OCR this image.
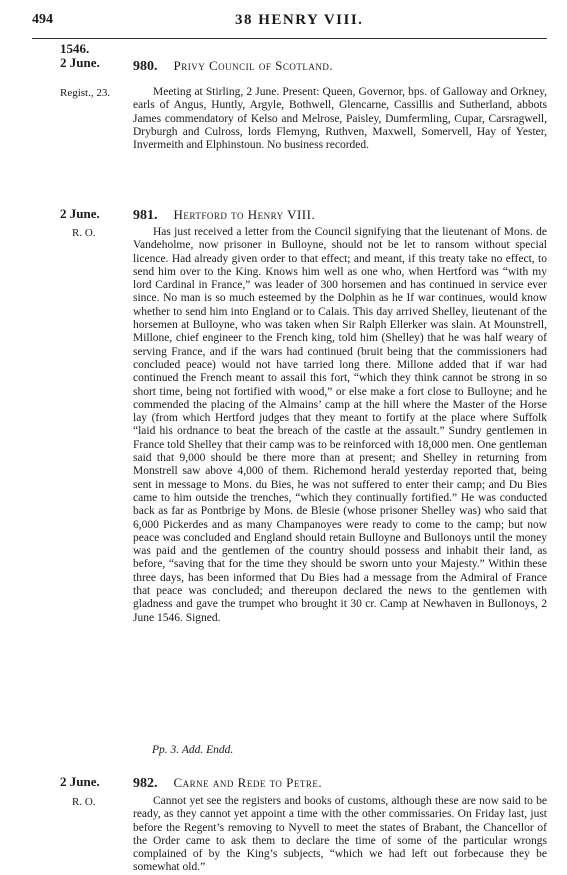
494	38 HENRY VIII.
1546.
2 June.
Regist., 23.
980. Privy Council of Scotland.

Meeting at Stirling, 2 June. Present: Queen, Governor, bps. of Galloway and Orkney, earls of Angus, Huntly, Argyle, Bothwell, Glencarne, Cassillis and Sutherland, abbots James commendatory of Kelso and Melrose, Paisley, Dumfermling, Cupar, Carsragwell, Dryburgh and Culross, lords Flemyng, Ruthven, Maxwell, Somervell, Hay of Yester, Invermeith and Elphinstoun. No business recorded.

2 June.
R. O.
981. Hertford to Henry VIII.

Has just received a letter from the Council signifying that the lieutenant of Mons. de Vandeholme, now prisoner in Bulloyne, should not be let to ransom without special licence. Had already given order to that effect; and meant, if this treaty take no effect, to send him over to the King. Knows him well as one who, when Hertford was “with my lord Cardinal in France,” was leader of 300 horsemen and has continued in service ever since. No man is so much esteemed by the Dolphin as he If war continues, would know whether to send him into England or to Calais. This day arrived Shelley, lieutenant of the horsemen at Bulloyne, who was taken when Sir Ralph Ellerker was slain. At Mounstrell, Millone, chief engineer to the French king, told him (Shelley) that he was half weary of serving France, and if the wars had continued (bruit being that the commissioners had concluded peace) would not have tarried long there. Millone added that if war had continued the French meant to assail this fort, “which they think cannot be strong in so short time, being not fortified with wood,” or else make a fort close to Bulloyne; and he commended the placing of the Almains’ camp at the hill where the Master of the Horse lay (from which Hertford judges that they meant to fortify at the place where Suffolk “laid his ordnance to beat the breach of the castle at the assault.” Sundry gentlemen in France told Shelley that their camp was to be reinforced with 18,000 men. One gentleman said that 9,000 should be there more than at present; and Shelley in returning from Monstrell saw above 4,000 of them. Richemond herald yesterday reported that, being sent in message to Mons. du Bies, he was not suffered to enter their camp; and Du Bies came to him outside the trenches, “which they continually fortified.” He was conducted back as far as Pontbrige by Mons. de Blesie (whose prisoner Shelley was) who said that 6,000 Pickerdes and as many Champanoyes were ready to come to the camp; but now peace was concluded and England should retain Bulloyne and Bullonoys until the money was paid and the gentlemen of the country should possess and inhabit their land, as before, “saving that for the time they should be sworn unto your Majesty.” Within these three days, has been informed that Du Bies had a message from the Admiral of France that peace was concluded; and thereupon declared the news to the gentlemen with gladness and gave the trumpet who brought it 30 cr. Camp at Newhaven in Bullonoys, 2 June 1546. Signed.

Pp. 3. Add. Endd.
2 June.
R. O.
982. Carne and Rede to Petre.

Cannot yet see the registers and books of customs, although these are now said to be ready, as they cannot yet appoint a time with the other commissaries. On Friday last, just before the Regent’s removing to Nyvell to meet the states of Brabant, the Chancellor of the Order came to ask them to declare the time of some of the particular wrongs complained of by the King’s subjects, “which we had left out forbecause they be somewhat old.”
